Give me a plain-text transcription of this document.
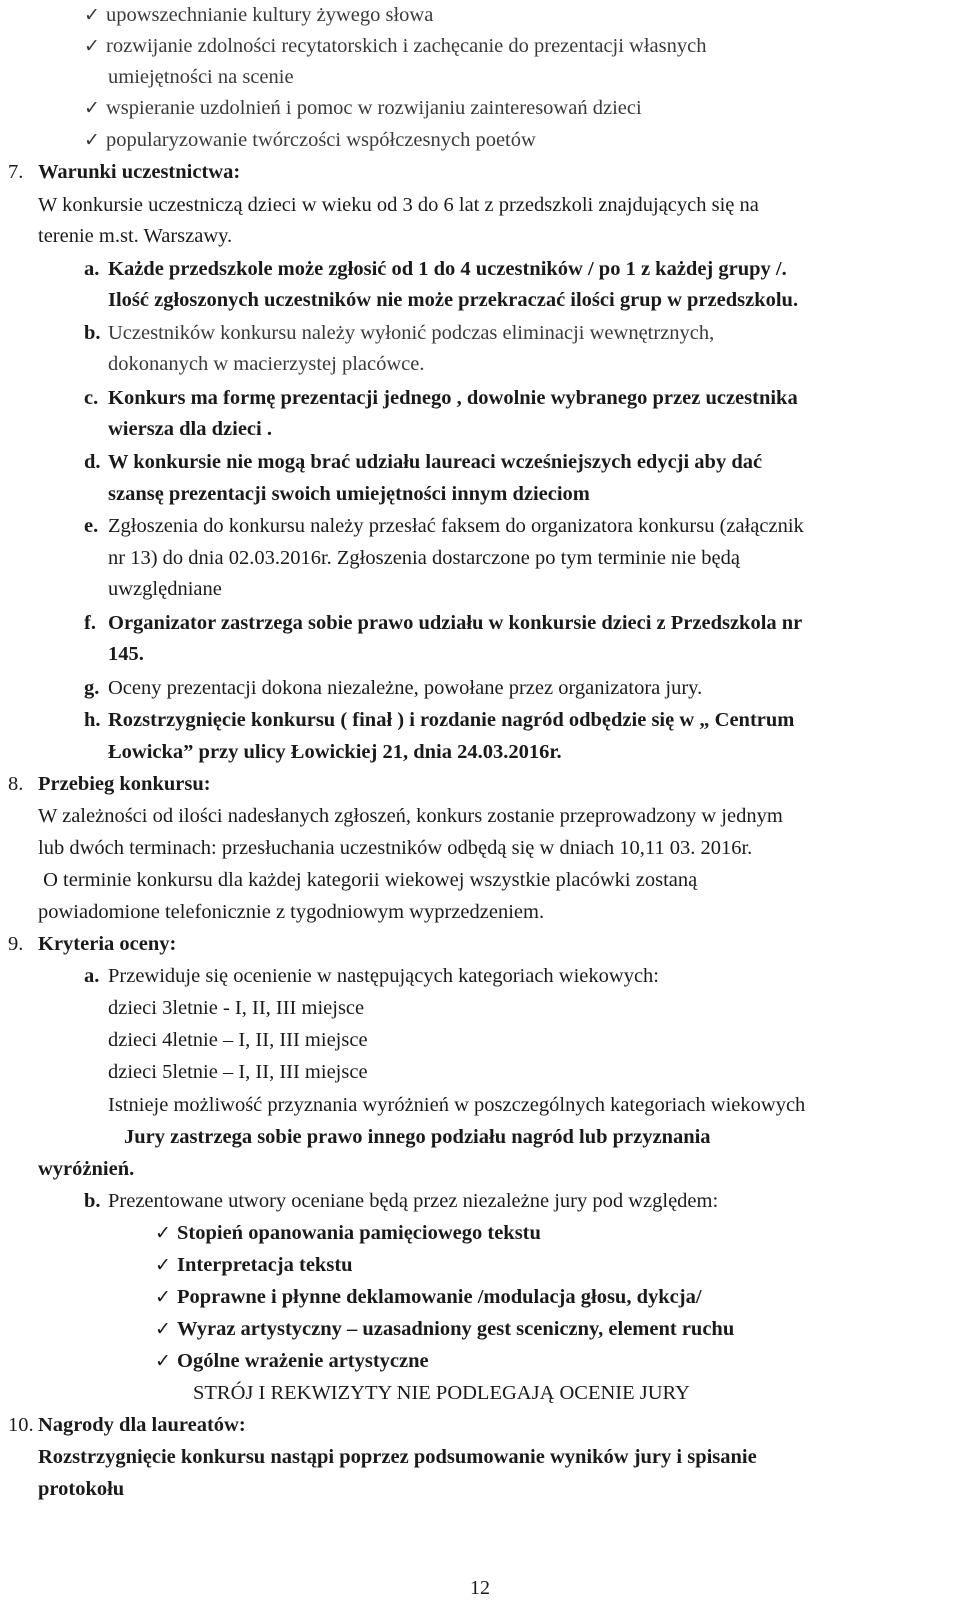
✓ upowszechnianie kultury żywego słowa
✓ rozwijanie zdolności recytatorskich i zachęcanie do prezentacji własnych
umiejętności na scenie
✓ wspieranie uzdolnień i pomoc w rozwijaniu zainteresowań dzieci
✓ popularyzowanie twórczości współczesnych poetów
7. Warunki uczestnictwa:
W konkursie uczestniczą dzieci w wieku od 3 do 6 lat z przedszkoli znajdujących się na
terenie m.st. Warszawy.
a. Każde przedszkole może zgłosić od 1 do 4 uczestników / po 1 z każdej grupy /.
Ilość zgłoszonych uczestników nie może przekraczać ilości grup w przedszkolu.
b. Uczestników konkursu należy wyłonić podczas eliminacji wewnętrznych,
dokonanych w macierzystej placówce.
c. Konkurs ma formę prezentacji jednego , dowolnie wybranego przez uczestnika
wiersza dla dzieci .
d. W konkursie nie mogą brać udziału laureaci wcześniejszych edycji aby dać
szansę prezentacji swoich umiejętności innym dzieciom
e. Zgłoszenia do konkursu należy przesłać faksem do organizatora konkursu (załącznik
nr 13) do dnia 02.03.2016r. Zgłoszenia dostarczone po tym terminie nie będą
uwzględniane
f. Organizator zastrzega sobie prawo udziału w konkursie dzieci z Przedszkola nr
145.
g. Oceny prezentacji dokona niezależne, powołane przez organizatora jury.
h. Rozstrzygnięcie konkursu ( finał ) i rozdanie nagród odbędzie się w „ Centrum
Łowicka” przy ulicy Łowickiej 21, dnia 24.03.2016r.
8. Przebieg konkursu:
W zależności od ilości nadesłanych zgłoszeń, konkurs zostanie przeprowadzony w jednym
lub dwóch terminach: przesłuchania uczestników odbędą się w dniach 10,11 03. 2016r.
O terminie konkursu dla każdej kategorii wiekowej wszystkie placówki zostaną
powiadomione telefonicznie z tygodniowym wyprzedzeniem.
9. Kryteria oceny:
a. Przewiduje się ocenienie w następujących kategoriach wiekowych:
dzieci 3letnie - I, II, III miejsce
dzieci 4letnie – I, II, III miejsce
dzieci 5letnie – I, II, III miejsce
Istnieje możliwość przyznania wyróżnień w poszczególnych kategoriach wiekowych
Jury zastrzega sobie prawo innego podziału nagród lub przyznania
wyróżnień.
b. Prezentowane utwory oceniane będą przez niezależne jury pod względem:
✓ Stopień opanowania pamięciowego tekstu
✓ Interpretacja tekstu
✓ Poprawne i płynne deklamowanie /modulacja głosu, dykcja/
✓ Wyraz artystyczny – uzasadniony gest sceniczny, element ruchu
✓ Ogólne wrażenie artystyczne
STRÓJ I REKWIZYTY NIE PODLEGAJĄ OCENIE JURY
10. Nagrody dla laureatów:
Rozstrzygnięcie konkursu nastąpi poprzez podsumowanie wyników jury i spisanie
protokołu
12
